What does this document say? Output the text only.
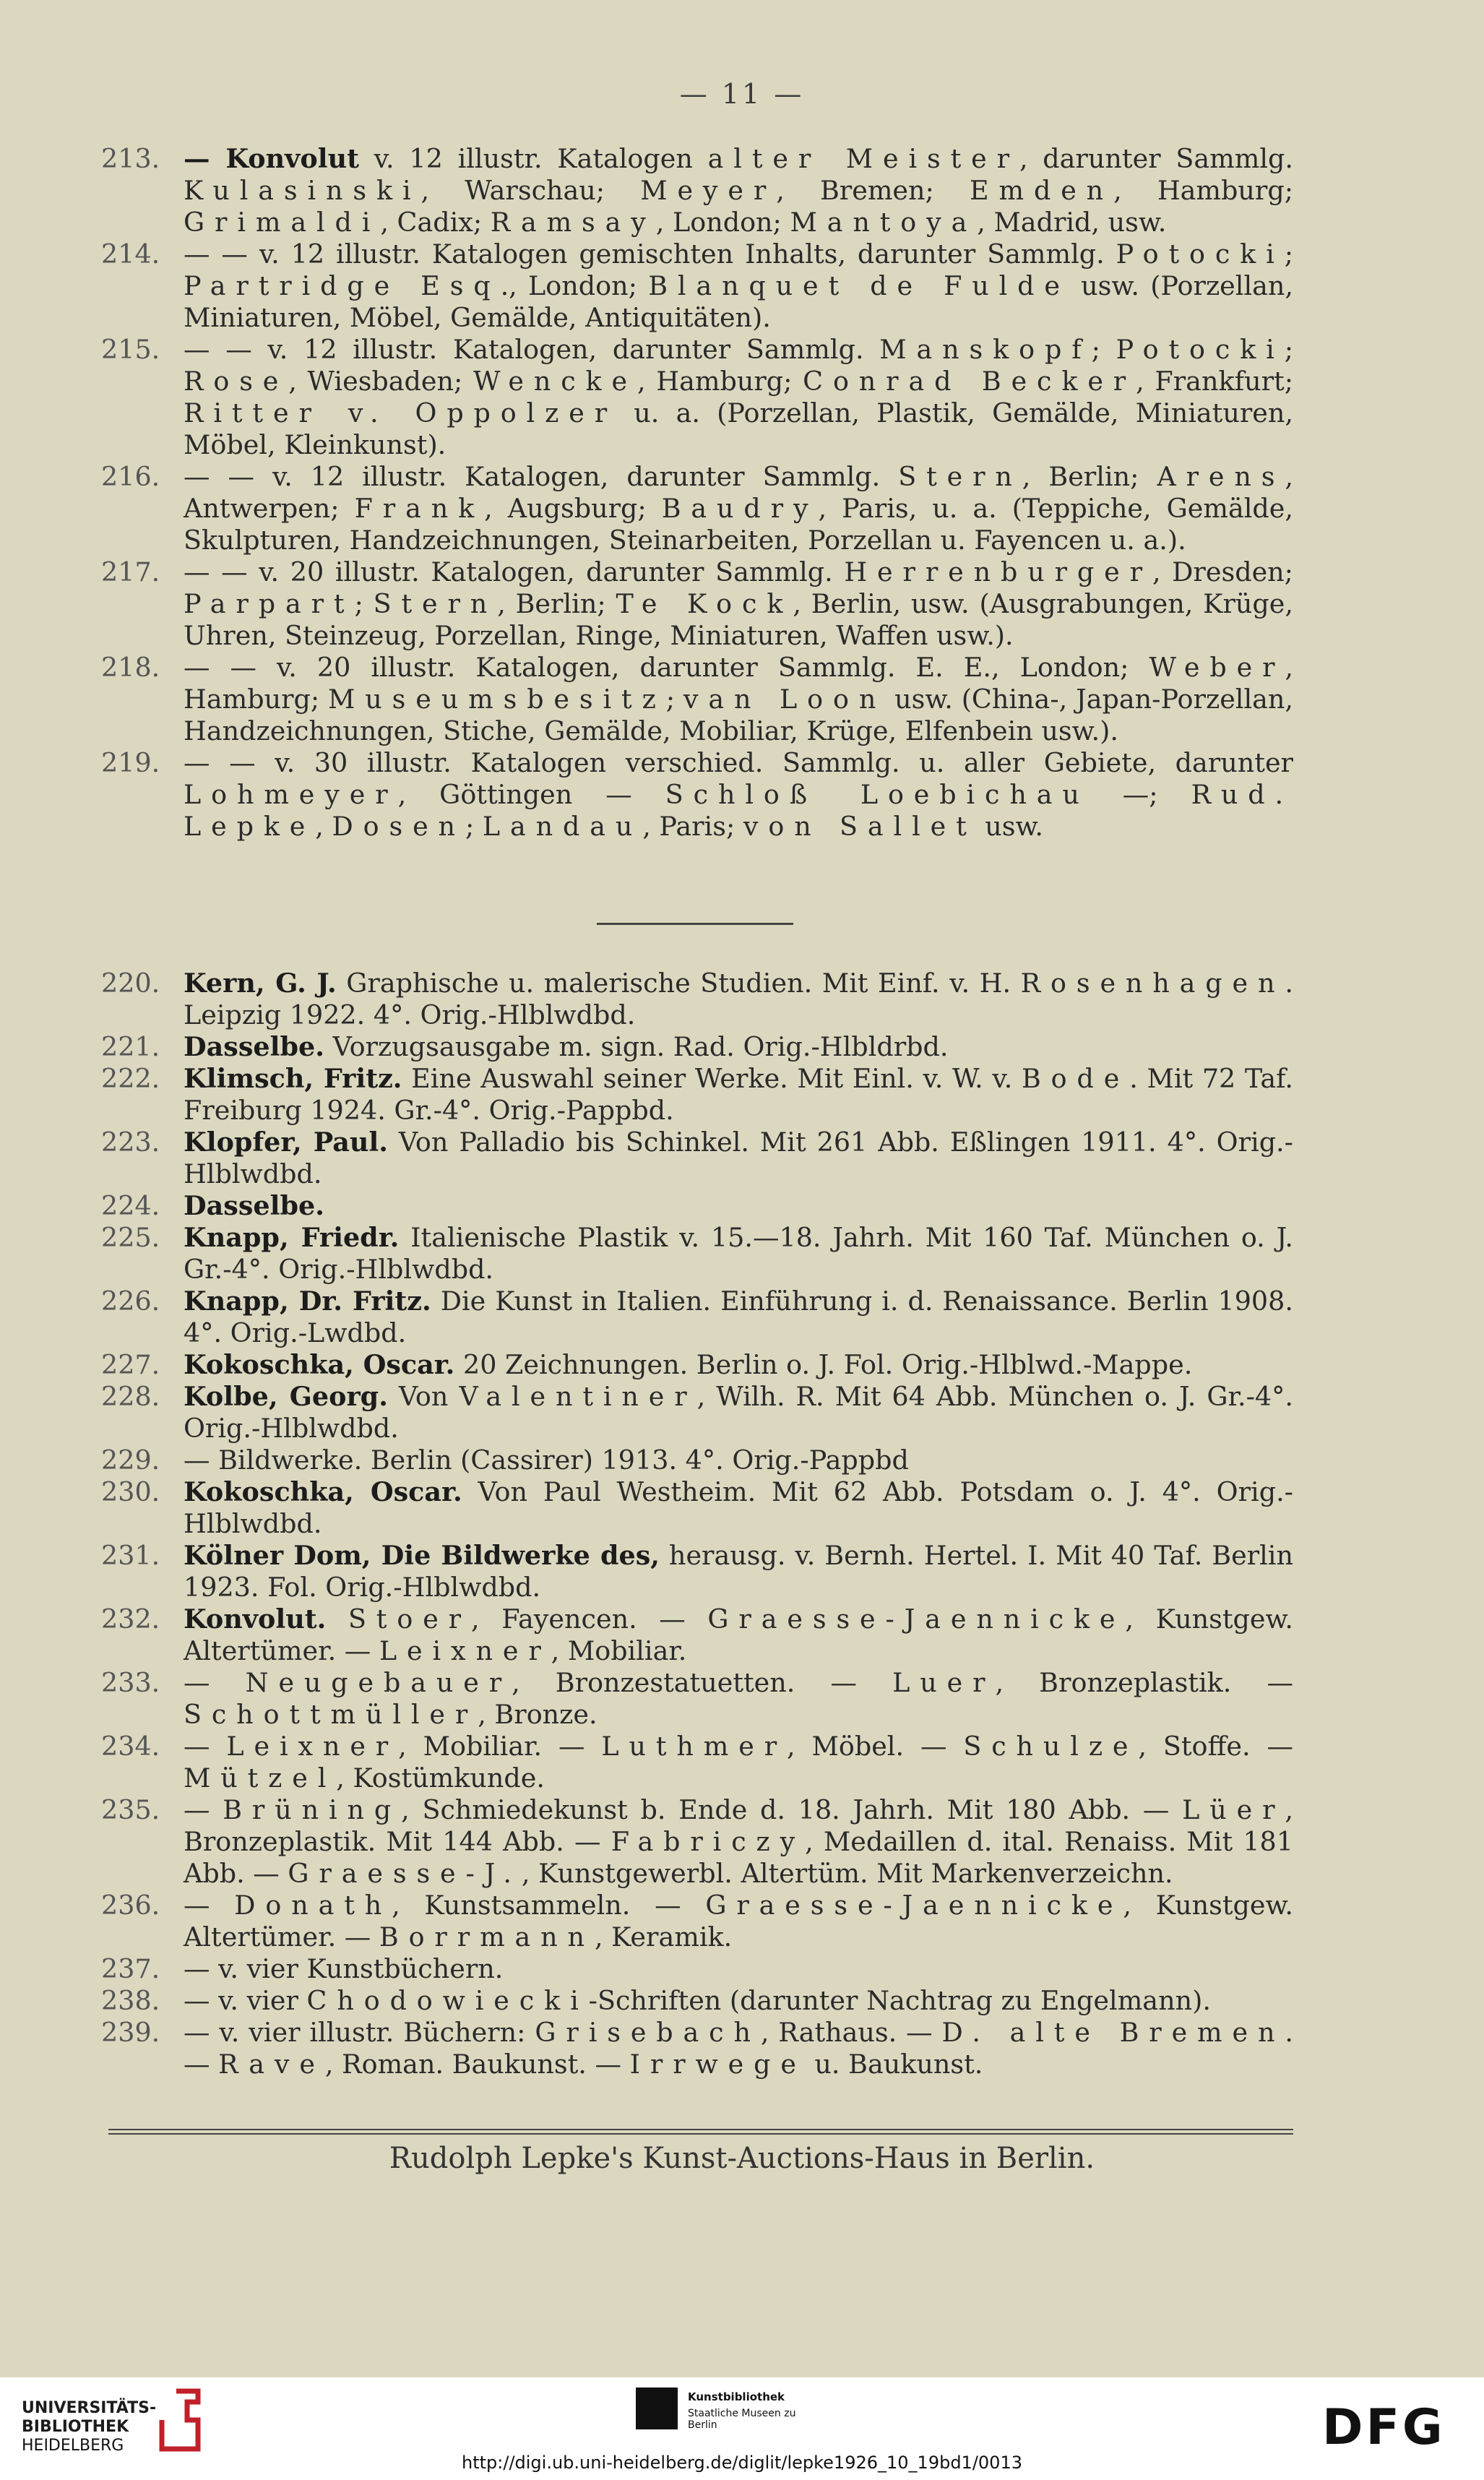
— 11 —
213. — Konvolut v. 12 illustr. Katalogen alter Meister, darunter Sammlg. Kulasinski, Warschau; Meyer, Bremen; Emden, Hamburg; Grimaldi, Cadix; Ramsay, London; Mantoya, Madrid, usw.
214. — — v. 12 illustr. Katalogen gemischten Inhalts, darunter Sammlg. Potocki; Partridge Esq., London; Blanquet de Fulde usw. (Porzellan, Miniaturen, Möbel, Gemälde, Antiquitäten).
215. — — v. 12 illustr. Katalogen, darunter Sammlg. Manskopf; Potocki; Rose, Wiesbaden; Wencke, Hamburg; Conrad Becker, Frankfurt; Ritter v. Oppolzer u. a. (Porzellan, Plastik, Gemälde, Miniaturen, Möbel, Kleinkunst).
216. — — v. 12 illustr. Katalogen, darunter Sammlg. Stern, Berlin; Arens, Antwerpen; Frank, Augsburg; Baudry, Paris, u. a. (Teppiche, Gemälde, Skulpturen, Handzeichnungen, Steinarbeiten, Porzellan u. Fayencen u. a.).
217. — — v. 20 illustr. Katalogen, darunter Sammlg. Herrenburger, Dresden; Parpart; Stern, Berlin; Te Kock, Berlin, usw. (Ausgrabungen, Krüge, Uhren, Steinzeug, Porzellan, Ringe, Miniaturen, Waffen usw.).
218. — — v. 20 illustr. Katalogen, darunter Sammlg. E. E., London; Weber, Hamburg; Museumsbesitz; van Loon usw. (China-, Japan-Porzellan, Handzeichnungen, Stiche, Gemälde, Mobiliar, Krüge, Elfenbein usw.).
219. — — v. 30 illustr. Katalogen verschied. Sammlg. u. aller Gebiete, darunter Lohmeyer, Göttingen — Schloß Loebichau —; Rud. Lepke, Dosen; Landau, Paris; von Sallet usw.
220. Kern, G. J. Graphische u. malerische Studien. Mit Einf. v. H. Rosenhagen. Leipzig 1922. 4°. Orig.-Hlblwdbd.
221. Dasselbe. Vorzugsausgabe m. sign. Rad. Orig.-Hlbldrbd.
222. Klimsch, Fritz. Eine Auswahl seiner Werke. Mit Einl. v. W. v. Bode. Mit 72 Taf. Freiburg 1924. Gr.-4°. Orig.-Pappbd.
223. Klopfer, Paul. Von Palladio bis Schinkel. Mit 261 Abb. Eßlingen 1911. 4°. Orig.-Hlblwdbd.
224. Dasselbe.
225. Knapp, Friedr. Italienische Plastik v. 15.—18. Jahrh. Mit 160 Taf. München o. J. Gr.-4°. Orig.-Hlblwdbd.
226. Knapp, Dr. Fritz. Die Kunst in Italien. Einführung i. d. Renaissance. Berlin 1908. 4°. Orig.-Lwdbd.
227. Kokoschka, Oscar. 20 Zeichnungen. Berlin o. J. Fol. Orig.-Hlblwd.-Mappe.
228. Kolbe, Georg. Von Valentiner, Wilh. R. Mit 64 Abb. München o. J. Gr.-4°. Orig.-Hlblwdbd.
229. — Bildwerke. Berlin (Cassirer) 1913. 4°. Orig.-Pappbd
230. Kokoschka, Oscar. Von Paul Westheim. Mit 62 Abb. Potsdam o. J. 4°. Orig.-Hlblwdbd.
231. Kölner Dom, Die Bildwerke des, herausg. v. Bernh. Hertel. I. Mit 40 Taf. Berlin 1923. Fol. Orig.-Hlblwdbd.
232. Konvolut. Stoer, Fayencen. — Graesse-Jaennicke, Kunstgew. Altertümer. — Leixner, Mobiliar.
233. — Neugebauer, Bronzestatuetten. — Luer, Bronzeplastik. — Schottmüller, Bronze.
234. — Leixner, Mobiliar. — Luthmer, Möbel. — Schulze, Stoffe. — Mützel, Kostümkunde.
235. — Brüning, Schmiedekunst b. Ende d. 18. Jahrh. Mit 180 Abb. — Lüer, Bronzeplastik. Mit 144 Abb. — Fabriczy, Medaillen d. ital. Renaiss. Mit 181 Abb. — Graesse-J., Kunstgewerbl. Altertüm. Mit Markenverzeichn.
236. — Donath, Kunstsammeln. — Graesse-Jaennicke, Kunstgew. Altertümer. — Borrmann, Keramik.
237. — v. vier Kunstbüchern.
238. — v. vier Chodowiecki-Schriften (darunter Nachtrag zu Engelmann).
239. — v. vier illustr. Büchern: Grisebach, Rathaus. — D. alte Bremen. — Rave, Roman. Baukunst. — Irrwege u. Baukunst.
Rudolph Lepke's Kunst-Auctions-Haus in Berlin.
UNIVERSITÄTS-
BIBLIOTHEK
HEIDELBERG
Kunstbibliothek
Staatliche Museen zu Berlin	DFG
http://digi.ub.uni-heidelberg.de/diglit/lepke1926_10_19bd1/0013
